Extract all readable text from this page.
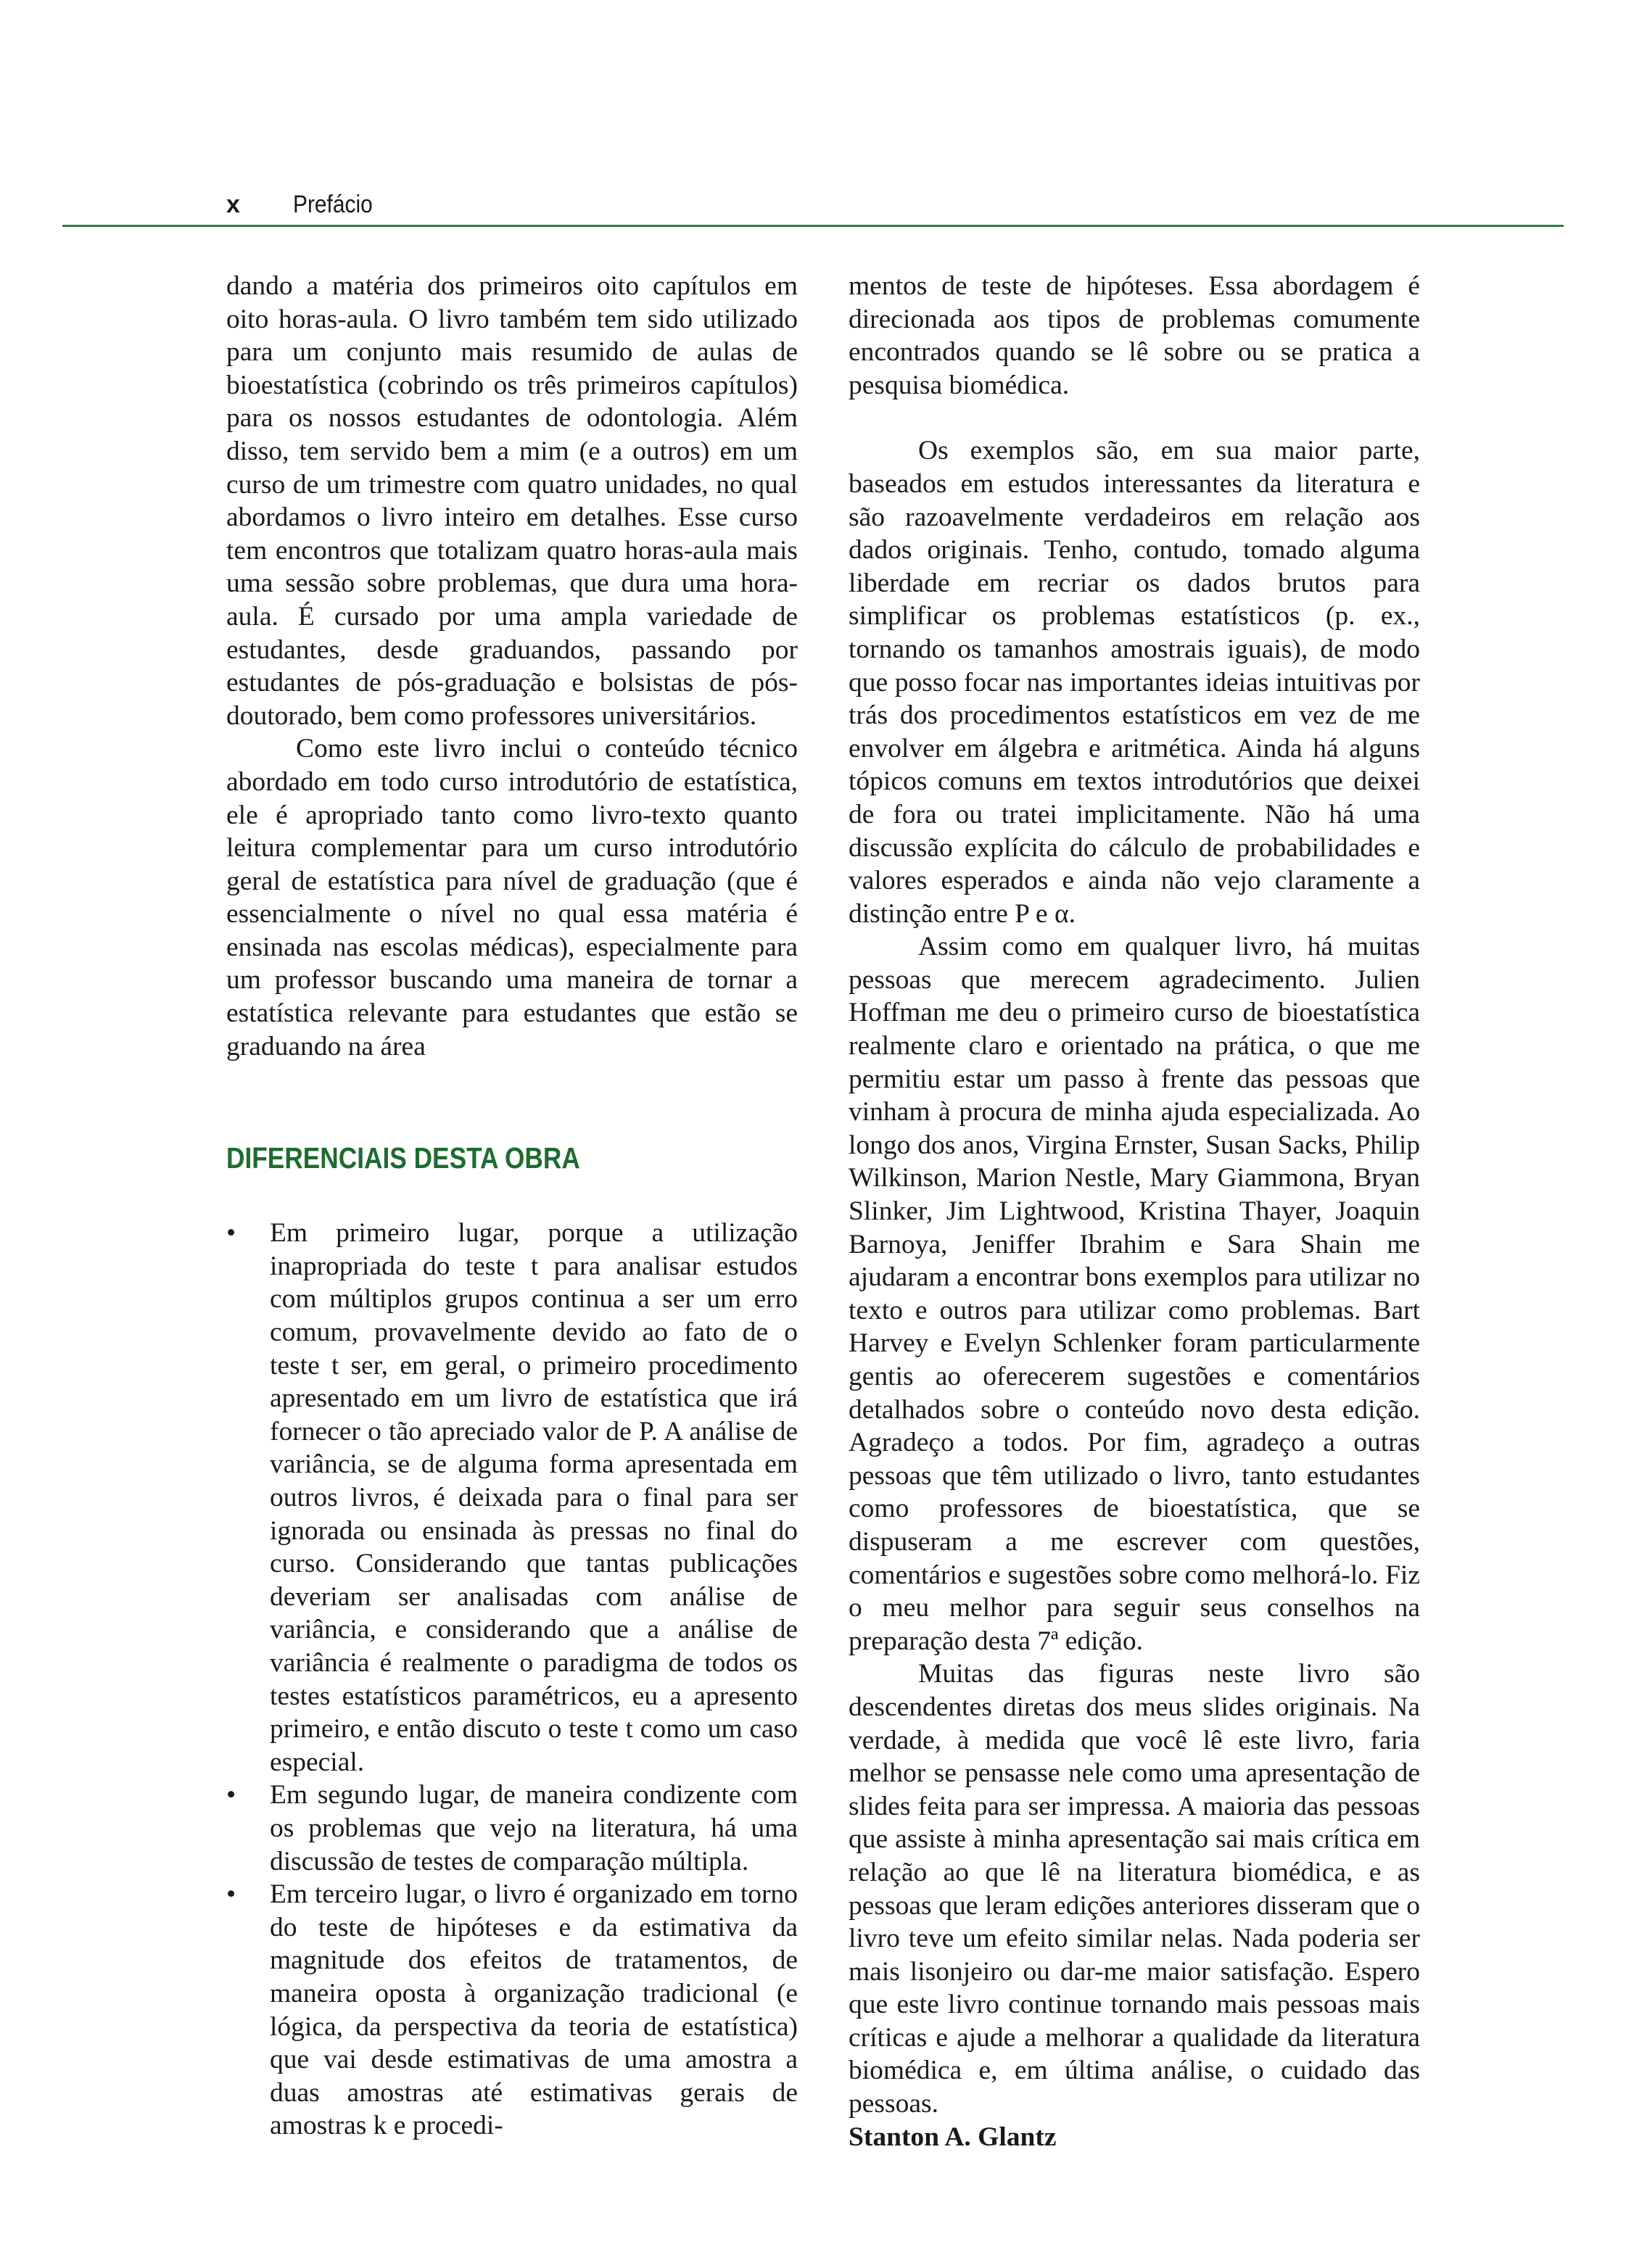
x Prefácio

dando a matéria dos primeiros oito capítulos em oito horas-aula. O livro também tem sido utilizado para um conjunto mais resumido de aulas de bioestatística (cobrindo os três primeiros capítulos) para os nossos estudantes de odontologia. Além disso, tem servido bem a mim (e a outros) em um curso de um trimestre com quatro unidades, no qual abordamos o livro inteiro em detalhes. Esse curso tem encontros que totalizam quatro horas-aula mais uma sessão sobre problemas, que dura uma hora-aula. É cursado por uma ampla variedade de estudantes, desde graduandos, passando por estudantes de pós-graduação e bolsistas de pós-doutorado, bem como professores universitários.

Como este livro inclui o conteúdo técnico abordado em todo curso introdutório de estatística, ele é apropriado tanto como livro-texto quanto leitura complementar para um curso introdutório geral de estatística para nível de graduação (que é essencialmente o nível no qual essa matéria é ensinada nas escolas médicas), especialmente para um professor buscando uma maneira de tornar a estatística relevante para estudantes que estão se graduando na área

DIFERENCIAIS DESTA OBRA
• Em primeiro lugar, porque a utilização inapropriada do teste t para analisar estudos com múltiplos grupos continua a ser um erro comum, provavelmente devido ao fato de o teste t ser, em geral, o primeiro procedimento apresentado em um livro de estatística que irá fornecer o tão apreciado valor de P. A análise de variância, se de alguma forma apresentada em outros livros, é deixada para o final para ser ignorada ou ensinada às pressas no final do curso. Considerando que tantas publicações deveriam ser analisadas com análise de variância, e considerando que a análise de variância é realmente o paradigma de todos os testes estatísticos paramétricos, eu a apresento primeiro, e então discuto o teste t como um caso especial.
• Em segundo lugar, de maneira condizente com os problemas que vejo na literatura, há uma discussão de testes de comparação múltipla.
• Em terceiro lugar, o livro é organizado em torno do teste de hipóteses e da estimativa da magnitude dos efeitos de tratamentos, de maneira oposta à organização tradicional (e lógica, da perspectiva da teoria de estatística) que vai desde estimativas de uma amostra a duas amostras até estimativas gerais de amostras k e procedi-

mentos de teste de hipóteses. Essa abordagem é direcionada aos tipos de problemas comumente encontrados quando se lê sobre ou se pratica a pesquisa biomédica.

Os exemplos são, em sua maior parte, baseados em estudos interessantes da literatura e são razoavelmente verdadeiros em relação aos dados originais. Tenho, contudo, tomado alguma liberdade em recriar os dados brutos para simplificar os problemas estatísticos (p. ex., tornando os tamanhos amostrais iguais), de modo que posso focar nas importantes ideias intuitivas por trás dos procedimentos estatísticos em vez de me envolver em álgebra e aritmética. Ainda há alguns tópicos comuns em textos introdutórios que deixei de fora ou tratei implicitamente. Não há uma discussão explícita do cálculo de probabilidades e valores esperados e ainda não vejo claramente a distinção entre P e α.

Assim como em qualquer livro, há muitas pessoas que merecem agradecimento. Julien Hoffman me deu o primeiro curso de bioestatística realmente claro e orientado na prática, o que me permitiu estar um passo à frente das pessoas que vinham à procura de minha ajuda especializada. Ao longo dos anos, Virgina Ernster, Susan Sacks, Philip Wilkinson, Marion Nestle, Mary Giammona, Bryan Slinker, Jim Lightwood, Kristina Thayer, Joaquin Barnoya, Jeniffer Ibrahim e Sara Shain me ajudaram a encontrar bons exemplos para utilizar no texto e outros para utilizar como problemas. Bart Harvey e Evelyn Schlenker foram particularmente gentis ao oferecerem sugestões e comentários detalhados sobre o conteúdo novo desta edição. Agradeço a todos. Por fim, agradeço a outras pessoas que têm utilizado o livro, tanto estudantes como professores de bioestatística, que se dispuseram a me escrever com questões, comentários e sugestões sobre como melhorá-lo. Fiz o meu melhor para seguir seus conselhos na preparação desta 7ª edição.

Muitas das figuras neste livro são descendentes diretas dos meus slides originais. Na verdade, à medida que você lê este livro, faria melhor se pensasse nele como uma apresentação de slides feita para ser impressa. A maioria das pessoas que assiste à minha apresentação sai mais crítica em relação ao que lê na literatura biomédica, e as pessoas que leram edições anteriores disseram que o livro teve um efeito similar nelas. Nada poderia ser mais lisonjeiro ou dar-me maior satisfação. Espero que este livro continue tornando mais pessoas mais críticas e ajude a melhorar a qualidade da literatura biomédica e, em última análise, o cuidado das pessoas.

Stanton A. Glantz
